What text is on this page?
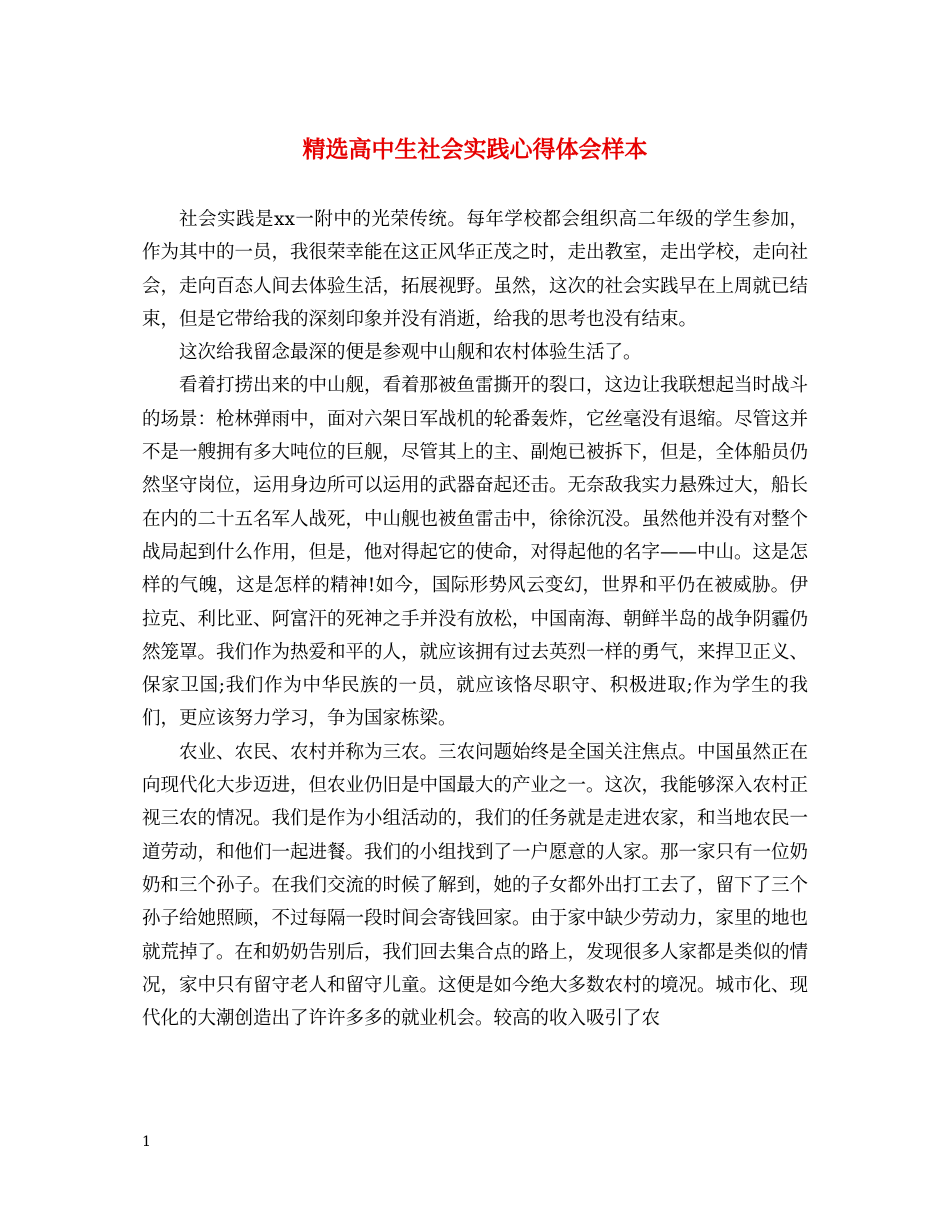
精选高中生社会实践心得体会样本

社会实践是xx一附中的光荣传统。每年学校都会组织高二年级的学生参加，作为其中的一员，我很荣幸能在这正风华正茂之时，走出教室，走出学校，走向社会，走向百态人间去体验生活，拓展视野。虽然，这次的社会实践早在上周就已结束，但是它带给我的深刻印象并没有消逝，给我的思考也没有结束。

这次给我留念最深的便是参观中山舰和农村体验生活了。

看着打捞出来的中山舰，看着那被鱼雷撕开的裂口，这边让我联想起当时战斗的场景：枪林弹雨中，面对六架日军战机的轮番轰炸，它丝毫没有退缩。尽管这并不是一艘拥有多大吨位的巨舰，尽管其上的主、副炮已被拆下，但是，全体船员仍然坚守岗位，运用身边所可以运用的武器奋起还击。无奈敌我实力悬殊过大，船长在内的二十五名军人战死，中山舰也被鱼雷击中，徐徐沉没。虽然他并没有对整个战局起到什么作用，但是，他对得起它的使命，对得起他的名字——中山。这是怎样的气魄，这是怎样的精神!如今，国际形势风云变幻，世界和平仍在被威胁。伊拉克、利比亚、阿富汗的死神之手并没有放松，中国南海、朝鲜半岛的战争阴霾仍然笼罩。我们作为热爱和平的人，就应该拥有过去英烈一样的勇气，来捍卫正义、保家卫国;我们作为中华民族的一员，就应该恪尽职守、积极进取;作为学生的我们，更应该努力学习，争为国家栋梁。

农业、农民、农村并称为三农。三农问题始终是全国关注焦点。中国虽然正在向现代化大步迈进，但农业仍旧是中国最大的产业之一。这次，我能够深入农村正视三农的情况。我们是作为小组活动的，我们的任务就是走进农家，和当地农民一道劳动，和他们一起进餐。我们的小组找到了一户愿意的人家。那一家只有一位奶奶和三个孙子。在我们交流的时候了解到，她的子女都外出打工去了，留下了三个孙子给她照顾，不过每隔一段时间会寄钱回家。由于家中缺少劳动力，家里的地也就荒掉了。在和奶奶告别后，我们回去集合点的路上，发现很多人家都是类似的情况，家中只有留守老人和留守儿童。这便是如今绝大多数农村的境况。城市化、现代化的大潮创造出了许许多多的就业机会。较高的收入吸引了农

1
